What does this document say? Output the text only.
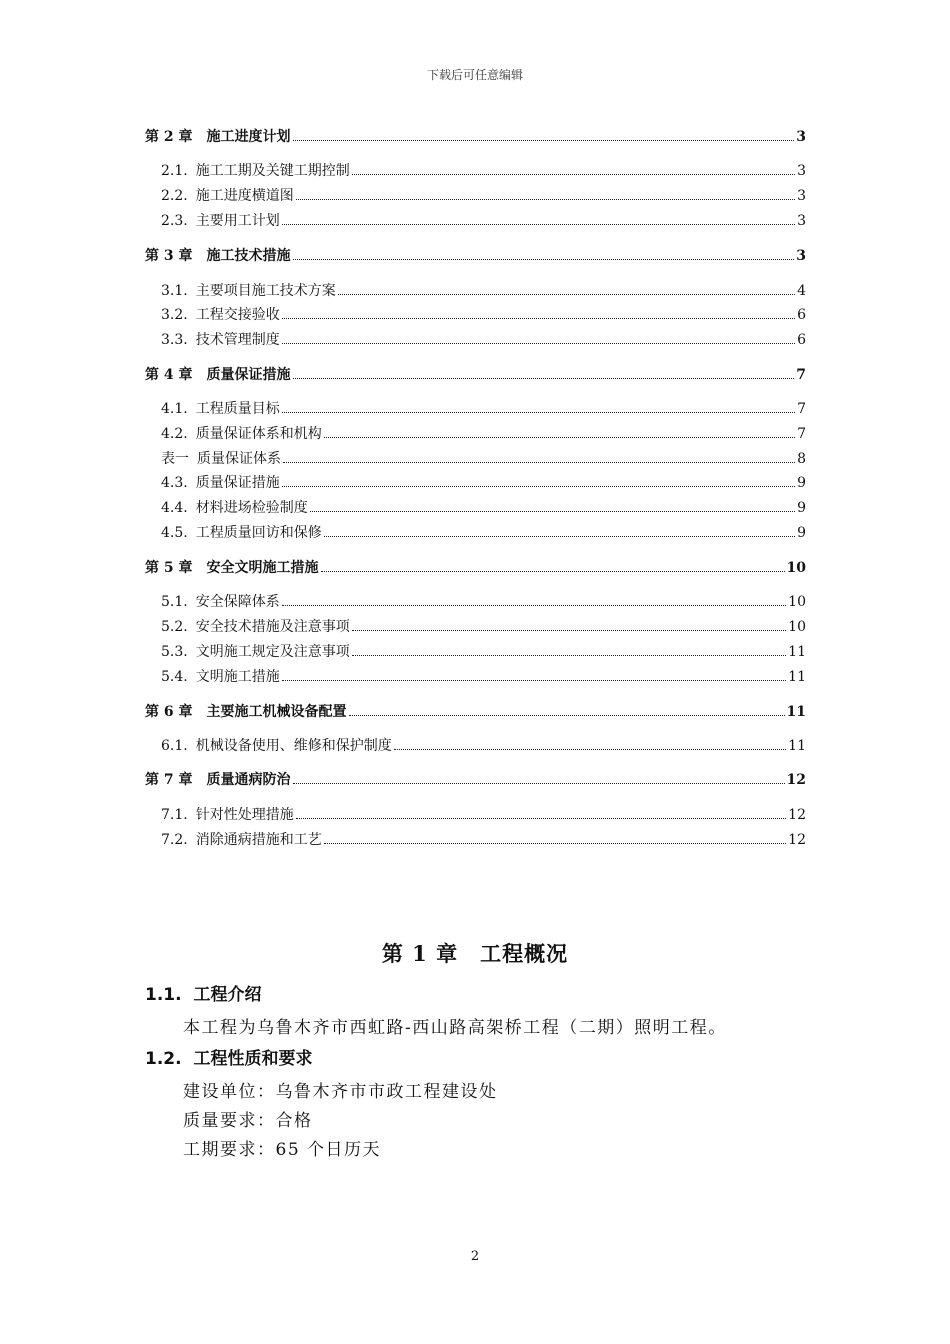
下载后可任意编辑
第 2 章 施工进度计划	3
2.1. 施工工期及关键工期控制	3
2.2. 施工进度横道图	3
2.3. 主要用工计划	3
第 3 章 施工技术措施	3
3.1. 主要项目施工技术方案	4
3.2. 工程交接验收	6
3.3. 技术管理制度	6
第 4 章 质量保证措施	7
4.1. 工程质量目标	7
4.2. 质量保证体系和机构	7
表一 质量保证体系	8
4.3. 质量保证措施	9
4.4. 材料进场检验制度	9
4.5. 工程质量回访和保修	9
第 5 章 安全文明施工措施	10
5.1. 安全保障体系	10
5.2. 安全技术措施及注意事项	10
5.3. 文明施工规定及注意事项	11
5.4. 文明施工措施	11
第 6 章 主要施工机械设备配置	11
6.1. 机械设备使用、维修和保护制度	11
第 7 章 质量通病防治	12
7.1. 针对性处理措施	12
7.2. 消除通病措施和工艺	12
第 1 章　工程概况
1.1. 工程介绍
本工程为乌鲁木齐市西虹路-西山路高架桥工程（二期）照明工程。
1.2. 工程性质和要求
建设单位：乌鲁木齐市市政工程建设处
质量要求：合格
工期要求：65 个日历天
2
